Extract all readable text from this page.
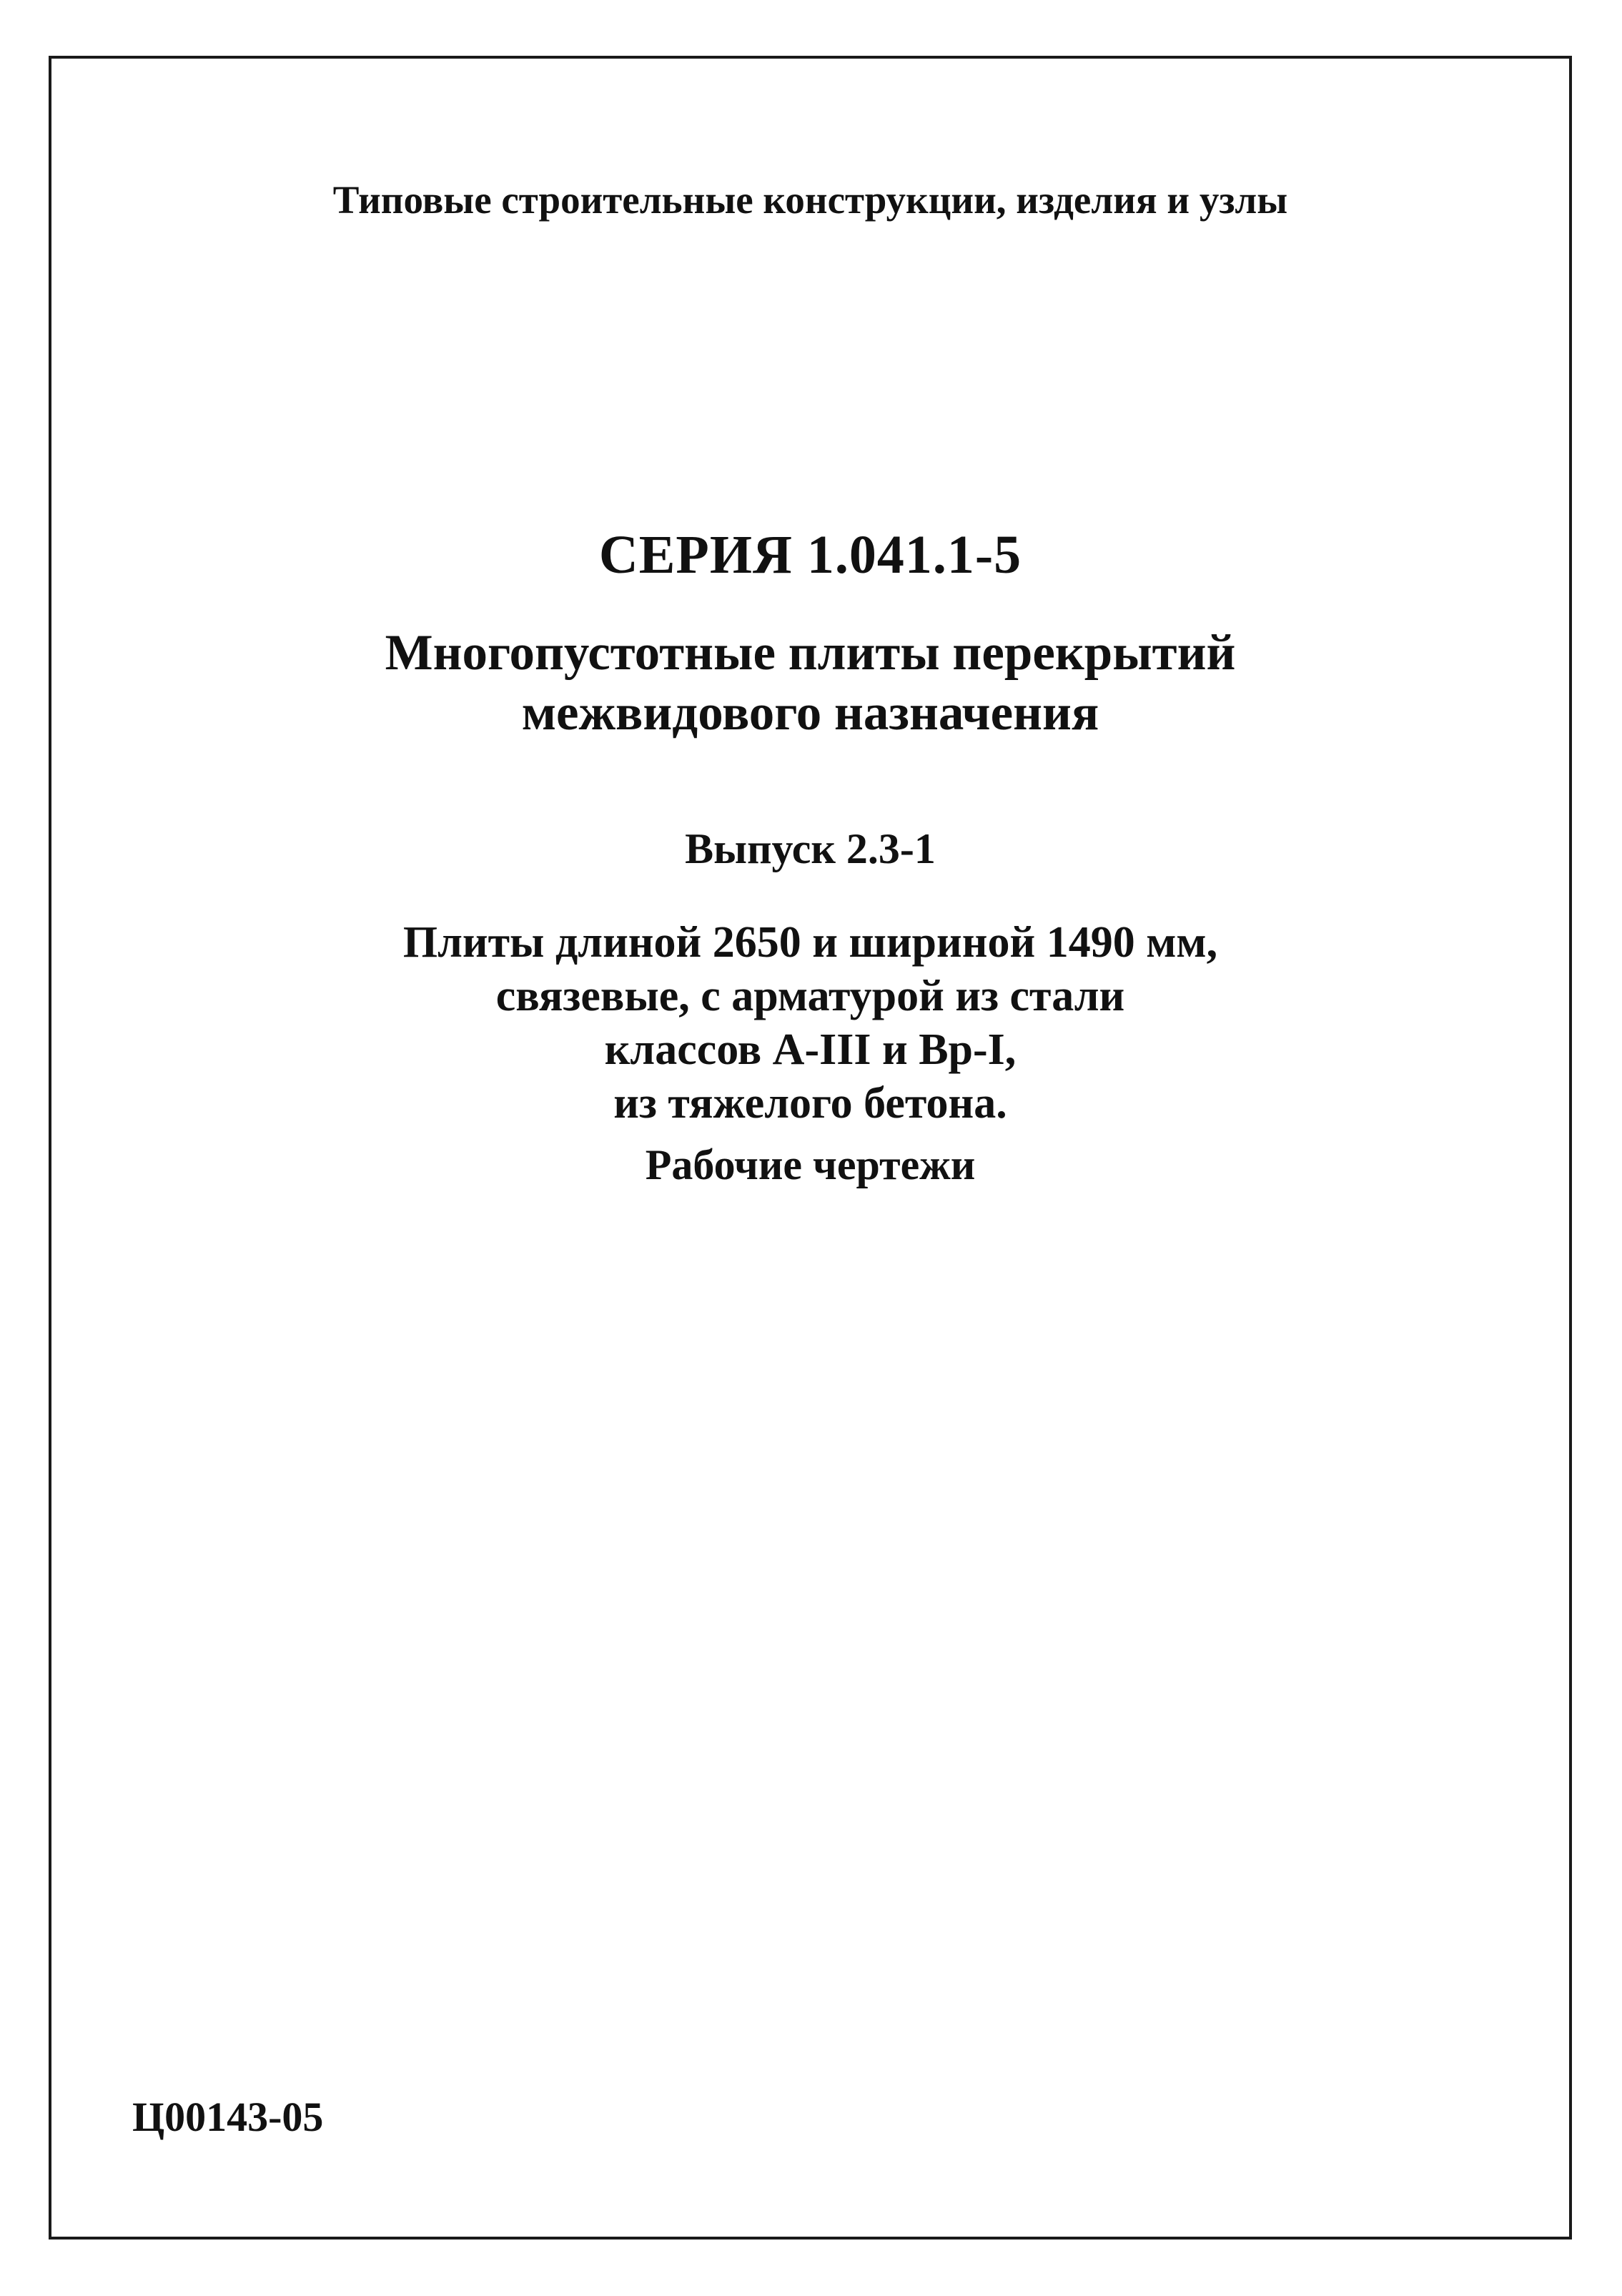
Типовые строительные конструкции, изделия и узлы
СЕРИЯ 1.041.1-5
Многопустотные плиты перекрытий
межвидового назначения
Выпуск 2.3-1
Плиты длиной 2650 и шириной 1490 мм,
связевые, с арматурой из стали
классов А-III и Вр-I,
из тяжелого бетона.
Рабочие чертежи
Ц00143-05
